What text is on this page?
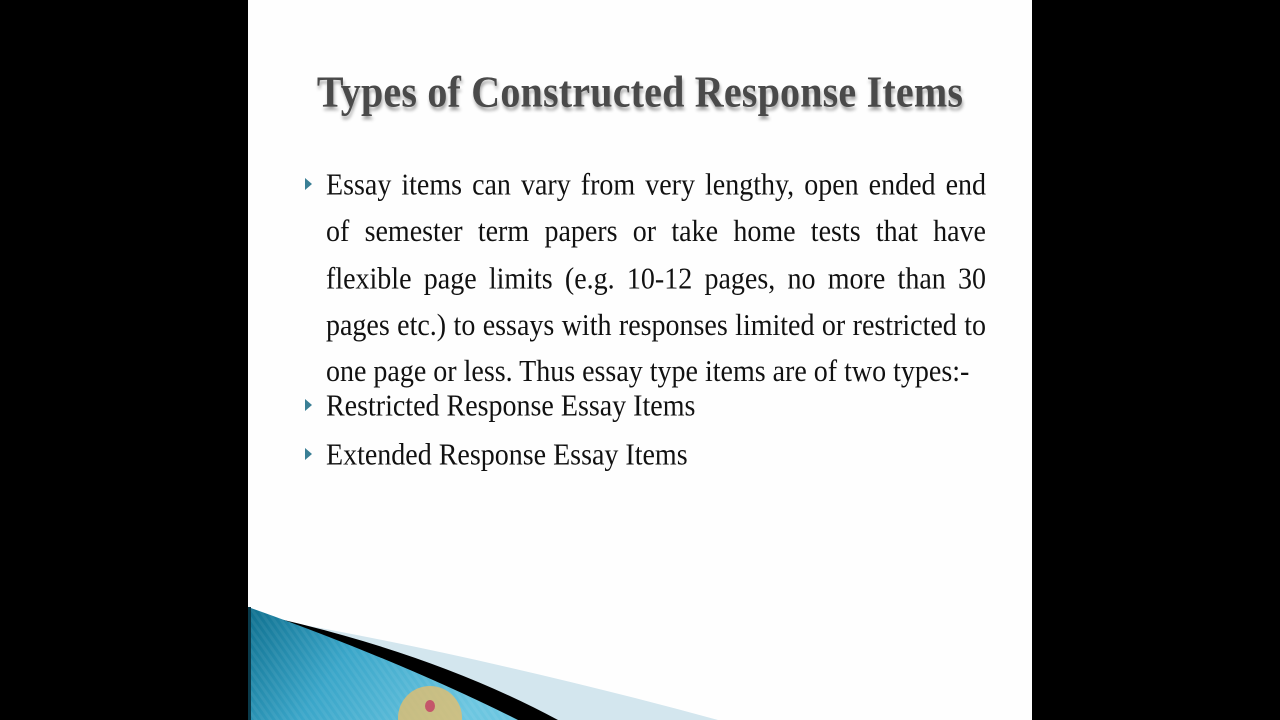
Types of Constructed Response Items

Essay items can vary from very lengthy, open ended end of semester term papers or take home tests that have flexible page limits (e.g. 10-12 pages, no more than 30 pages etc.) to essays with responses limited or restricted to one page or less. Thus essay type items are of two types:-

Restricted Response Essay Items

Extended Response Essay Items
